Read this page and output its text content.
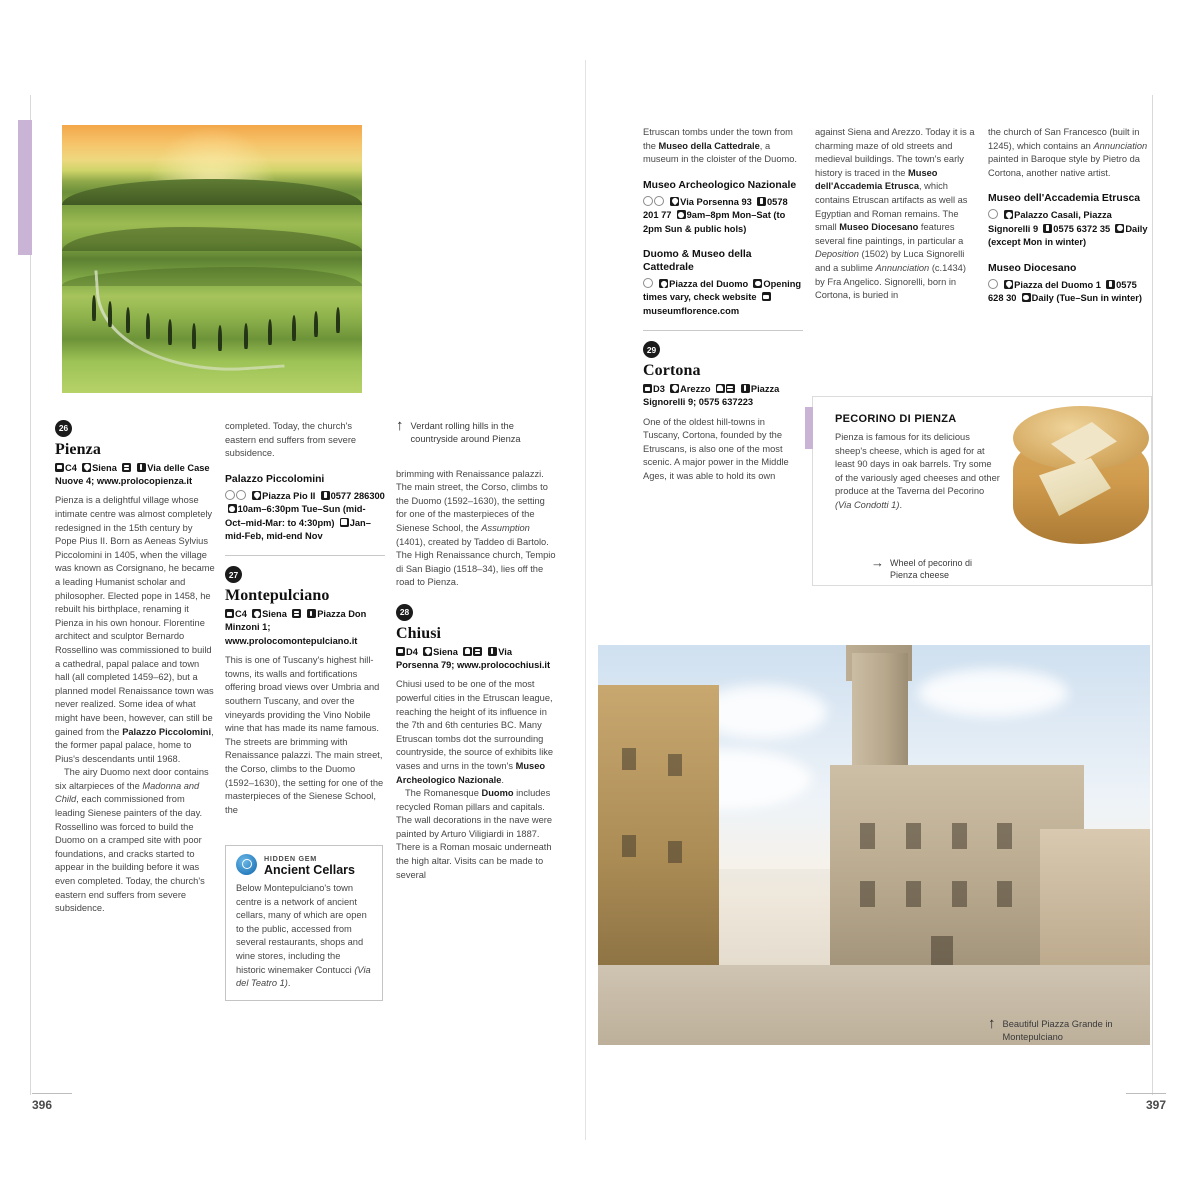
396	397
26
Pienza
C4 Siena	Via delle Case Nuove 4; www.prolocopienza.it

Pienza is a delightful village whose intimate centre was almost completely redesigned in the 15th century by Pope Pius II. Born as Aeneas Sylvius Piccolomini in 1405, when the village was known as Corsignano, he became a leading Humanist scholar and philosopher. Elected pope in 1458, he rebuilt his birthplace, renaming it Pienza in his own honour. Florentine architect and sculptor Bernardo Rossellino was commissioned to build a cathedral, papal palace and town hall (all completed 1459–62), but a planned model Renaissance town was never realized. Some idea of what might have been, however, can still be gained from the Palazzo Piccolomini, the former papal palace, home to Pius's descendants until 1968.

The airy Duomo next door contains six altarpieces of the Madonna and Child, each commissioned from leading Sienese painters of the day. Rossellino was forced to build the Duomo on a cramped site with poor foundations, and cracks started to appear in the building before it was even completed. Today, the church's eastern end suffers from severe subsidence.

completed. Today, the church's eastern end suffers from severe subsidence.

Palazzo Piccolomini
Piazza Pio II 0577 286300  10am–6:30pm Tue–Sun (mid-Oct–mid-Mar: to 4:30pm) Jan–mid-Feb, mid-end Nov
27
Montepulciano
C4 Siena	Piazza Don Minzoni 1; www.prolocomontepulciano.it

This is one of Tuscany's highest hill-towns, its walls and fortifications offering broad views over Umbria and southern Tuscany, and over the vineyards providing the Vino Nobile wine that has made its name famous. The streets are brimming with Renaissance palazzi. The main street, the Corso, climbs to the Duomo (1592–1630), the setting for one of the masterpieces of the Sienese School, the

HIDDEN GEM
Ancient Cellars
Below Montepulciano's town centre is a network of ancient cellars, many of which are open to the public, accessed from several restaurants, shops and wine stores, including the historic winemaker Contucci (Via del Teatro 1).
↑ Verdant rolling hills in the countryside around Pienza

brimming with Renaissance palazzi. The main street, the Corso, climbs to the Duomo (1592–1630), the setting for one of the masterpieces of the Sienese School, the Assumption (1401), created by Taddeo di Bartolo. The High Renaissance church, Tempio di San Biagio (1518–34), lies off the road to Pienza.

28
Chiusi
D4 Siena	Via Porsenna 79; www.prolocochiusi.it

Chiusi used to be one of the most powerful cities in the Etruscan league, reaching the height of its influence in the 7th and 6th centuries BC. Many Etruscan tombs dot the surrounding countryside, the source of exhibits like vases and urns in the town's Museo Archeologico Nazionale.

The Romanesque Duomo includes recycled Roman pillars and capitals. The wall decorations in the nave were painted by Arturo Viligiardi in 1887. There is a Roman mosaic underneath the high altar. Visits can be made to several

Etruscan tombs under the town from the Museo della Cattedrale, a museum in the cloister of the Duomo.

Museo Archeologico Nazionale
Via Porsenna 93 0578 201 77 9am–8pm Mon–Sat (to 2pm Sun & public hols)
Duomo & Museo della Cattedrale
Piazza del Duomo Opening times vary, check website  museumflorence.com
29
Cortona
D3 Arezzo	Piazza Signorelli 9; 0575 637223

One of the oldest hill-towns in Tuscany, Cortona, founded by the Etruscans, is also one of the most scenic. A major power in the Middle Ages, it was able to hold its own

against Siena and Arezzo. Today it is a charming maze of old streets and medieval buildings. The town's early history is traced in the Museo dell'Accademia Etrusca, which contains Etruscan artifacts as well as Egyptian and Roman remains. The small Museo Diocesano features several fine paintings, in particular a Deposition (1502) by Luca Signorelli and a sublime Annunciation (c.1434) by Fra Angelico. Signorelli, born in Cortona, is buried in

the church of San Francesco (built in 1245), which contains an Annunciation painted in Baroque style by Pietro da Cortona, another native artist.

Museo dell'Accademia Etrusca
Palazzo Casali, Piazza Signorelli 9 0575 6372 35 Daily (except Mon in winter)
Museo Diocesano
Piazza del Duomo 1 0575 628 30 Daily (Tue–Sun in winter)
PECORINO DI PIENZA
Pienza is famous for its delicious sheep's cheese, which is aged for at least 90 days in oak barrels. Try some of the variously aged cheeses and other produce at the Taverna del Pecorino (Via Condotti 1).
→ Wheel of pecorino di Pienza cheese
↑ Beautiful Piazza Grande in Montepulciano
